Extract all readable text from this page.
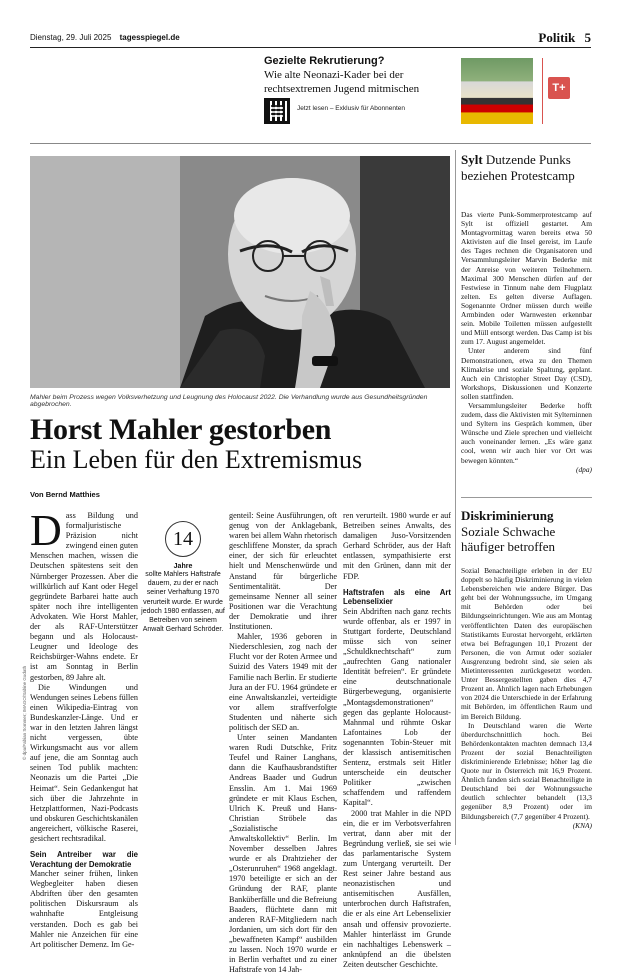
Dienstag, 29. Juli 2025 tagesspiegel.de	Politik 5
Gezielte Rekrutierung?
Wie alte Neonazi-Kader bei der rechtsextremen Jugend mitmischen
Jetzt lesen – Exklusiv für Abonnenten
T+
Mahler beim Prozess wegen Volksverhetzung und Leugnung des Holocaust 2022. Die Verhandlung wurde aus Gesundheitsgründen abgebrochen.
Horst Mahler gestorben
Ein Leben für den Extremismus
Von Bernd Matthies
D ass Bildung und formaljuristische Präzision nicht zwingend einen guten Menschen machen, wissen die Deutschen spätestens seit den Nürnberger Prozessen. Aber die willkürlich auf Kant oder Hegel gegründete Barbarei hatte auch später noch ihre intelligenten Advokaten. Wie Horst Mahler, der als RAF-Unterstützer begann und als Holocaust-Leugner und Ideologe des Reichsbürger-Wahns endete. Er ist am Sonntag in Berlin gestorben, 89 Jahre alt.

Die Windungen und Wendungen seines Lebens füllen einen Wikipedia-Eintrag von Bundeskanzler-Länge. Und er war in den letzten Jahren längst nicht vergessen, übte Wirkungsmacht aus vor allem auf jene, die am Sonntag auch seinen Tod publik machten: Neonazis um die Partei „Die Heimat“. Sein Gedankengut hat sich über die Jahrzehnte in Hetzplattformen, Nazi-Podcasts und obskuren Geschichtskanälen angereichert, völkische Raserei, gesichert rechtsradikal.

Sein Antreiber war die Verachtung der Demokratie

Mancher seiner frühen, linken Wegbegleiter haben diesen Abdriften über den gesamten politischen Diskursraum als wahnhafte Entgleisung verstanden. Doch es gab bei Mahler nie Anzeichen für eine Art politischer Demenz. Im Ge-

14
Jahre
sollte Mahlers Haftstrafe dauern, zu der er nach seiner Verhaftung 1970 verurteilt wurde. Er wurde jedoch 1980 entlassen, auf Betreiben von seinem Anwalt Gerhard Schröder.

genteil: Seine Ausführungen, oft genug von der Anklagebank, waren bei allem Wahn rhetorisch geschliffene Monster, da sprach einer, der sich für erleuchtet hielt und Menschenwürde und Anstand für bürgerliche Sentimentalität. Der gemeinsame Nenner all seiner Positionen war die Verachtung der Demokratie und ihrer Institutionen.

Mahler, 1936 geboren in Niederschlesien, zog nach der Flucht vor der Roten Armee und Suizid des Vaters 1949 mit der Familie nach Berlin. Er studierte Jura an der FU. 1964 gründete er eine Anwaltskanzlei, verteidigte vor allem straffverfolgte Studenten und näherte sich politisch der SED an.

Unter seinen Mandanten waren Rudi Dutschke, Fritz Teufel und Rainer Langhans, dann die Kaufhausbrandstifter Andreas Baader und Gudrun Ensslin. Am 1. Mai 1969 gründete er mit Klaus Eschen, Ulrich K. Preuß und Hans-Christian Ströbele das „Sozialistische Anwaltskollektiv“ Berlin. Im November desselben Jahres wurde er als Drahtzieher der „Osterunruhen“ 1968 angeklagt. 1970 beteiligte er sich an der Gründung der RAF, plante Banküberfälle und die Befreiung Baaders, flüchtete dann mit anderen RAF-Mitgliedern nach Jordanien, um sich dort für den „bewaffneten Kampf“ ausbilden zu lassen. Noch 1970 wurde er in Berlin verhaftet und zu einer Haftstrafe von 14 Jah-

ren verurteilt. 1980 wurde er auf Betreiben seines Anwalts, des damaligen Juso-Vorsitzenden Gerhard Schröder, aus der Haft entlassen, sympathisierte erst mit den Grünen, dann mit der FDP.

Haftstrafen als eine Art Lebenselixier

Sein Abdriften nach ganz rechts wurde offenbar, als er 1997 in Stuttgart forderte, Deutschland müsse sich von seiner „Schuldknechtschaft“ zum „aufrechten Gang nationaler Identität befreien“. Er gründete eine deutschnationale Bürgerbewegung, organisierte „Montagsdemonstrationen“ gegen das geplante Holocaust-Mahnmal und rühmte Oskar Lafontaines Lob der sogenannten Tobin-Steuer mit der klassisch antisemitischen Sentenz, erstmals seit Hitler unterscheide ein deutscher Politiker „zwischen schaffendem und raffendem Kapital“.

2000 trat Mahler in die NPD ein, die er im Verbotsverfahren vertrat, dann aber mit der Begründung verließ, sie sei wie das parlamentarische System zum Untergang verurteilt. Der Rest seiner Jahre bestand aus neonazistischen und antisemitischen Ausfällen, unterbrochen durch Haftstrafen, die er als eine Art Lebenselixier ansah und offensiv provozierte. Mahler hinterlässt im Grunde ein nachhaltiges Lebenswerk – anknüpfend an die übelsten Zeiten deutscher Geschichte.

© dpa/Fabian Sommer; IMAGO/Sabine Gudath
Sylt Dutzende Punks beziehen Protestcamp

Das vierte Punk-Sommerprotestcamp auf Sylt ist offiziell gestartet. Am Montagvormittag waren bereits etwa 50 Aktivisten auf die Insel gereist, im Laufe des Tages rechnen die Organisatoren und Versammlungsleiter Marvin Bederke mit der Anreise von weiteren Teilnehmern. Maximal 300 Menschen dürfen auf der Festwiese in Tinnum nahe dem Flugplatz zelten. Es gelten diverse Auflagen. Sogenannte Ordner müssen durch weiße Armbinden oder Warnwesten erkennbar sein. Mobile Toiletten müssen aufgestellt und Müll entsorgt werden. Das Camp ist bis zum 17. August angemeldet.

Unter anderem sind fünf Demonstrationen, etwa zu den Themen Klimakrise und soziale Spaltung, geplant. Auch ein Christopher Street Day (CSD), Workshops, Diskussionen und Konzerte sollen stattfinden.

Versammlungsleiter Bederke hofft zudem, dass die Aktivisten mit Sylterninnen und Syltern ins Gespräch kommen, über Wünsche und Ziele sprechen und vielleicht auch voneinander lernen. „Es wäre ganz cool, wenn wir auch hier vor Ort was bewegen könnten.“

(dpa)
Diskriminierung
Soziale Schwache häufiger betroffen

Sozial Benachteiligte erleben in der EU doppelt so häufig Diskriminierung in vielen Lebensbereichen wie andere Bürger. Das geht bei der Wohnungssuche, im Umgang mit Behörden oder bei Bildungseinrichtungen. Wie aus am Montag veröffentlichten Daten des europäischen Statistikamts Eurostat hervorgeht, erklärten etwa bei Befragungen 10,1 Prozent der Personen, die von Armut oder sozialer Ausgrenzung bedroht sind, sie seien als Mietinteressenten zurückgesetzt worden. Unter Bessergestellten gaben dies 4,7 Prozent an. Ähnlich lagen nach Erhebungen von 2024 die Unterschiede in der Erfahrung mit Behörden, im öffentlichen Raum und im Bereich Bildung.

In Deutschland waren die Werte überdurchschnittlich hoch. Bei Behördenkontakten machten demnach 13,4 Prozent der sozial Benachteiligten diskriminierende Erlebnisse; höher lag die Quote nur in Österreich mit 16,9 Prozent. Ähnlich fanden sich sozial Benachteiligte in Deutschland bei der Wohnungssuche deutlich schlechter behandelt (13,3 gegenüber 8,9 Prozent) oder im Bildungsbereich (7,7 gegenüber 4 Prozent).

(KNA)
